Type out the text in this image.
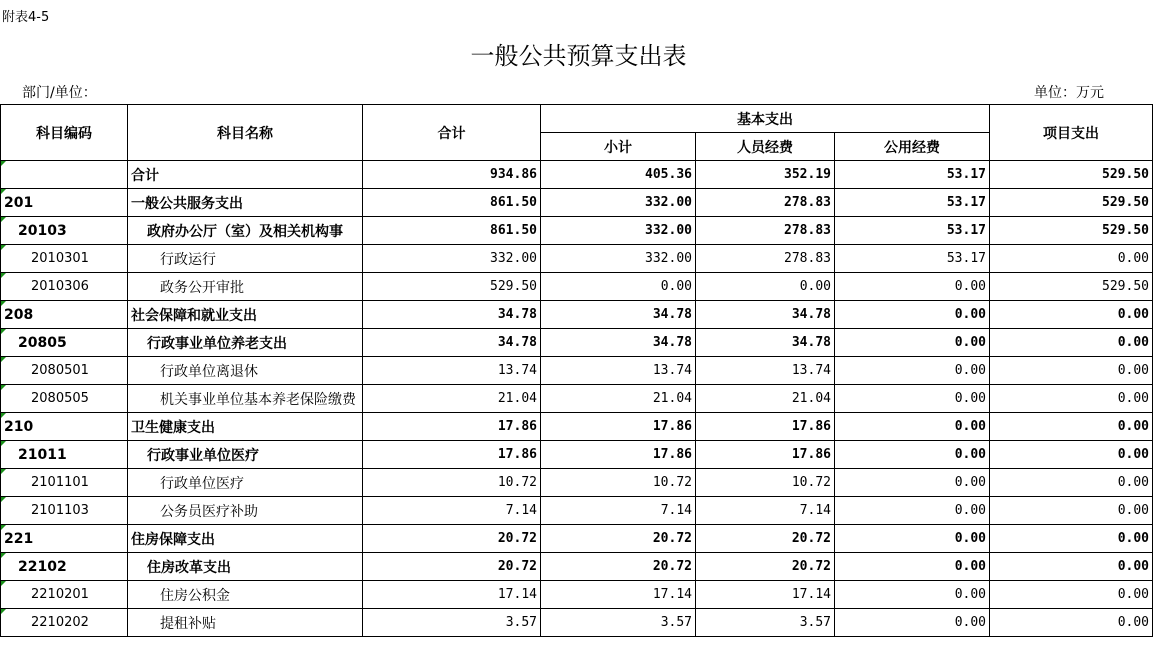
附表4-5
一般公共预算支出表
部门/单位：	单位：万元
科目编码	科目名称	合计	基本支出			项目支出
			小计	人员经费	公用经费	

	合计	934.86	405.36	352.19	53.17	529.50
201	一般公共服务支出	861.50	332.00	278.83	53.17	529.50
20103	政府办公厅（室）及相关机构事	861.50	332.00	278.83	53.17	529.50
2010301	行政运行	332.00	332.00	278.83	53.17	0.00
2010306	政务公开审批	529.50	0.00	0.00	0.00	529.50
208	社会保障和就业支出	34.78	34.78	34.78	0.00	0.00
20805	行政事业单位养老支出	34.78	34.78	34.78	0.00	0.00
2080501	行政单位离退休	13.74	13.74	13.74	0.00	0.00
2080505	机关事业单位基本养老保险缴费	21.04	21.04	21.04	0.00	0.00
210	卫生健康支出	17.86	17.86	17.86	0.00	0.00
21011	行政事业单位医疗	17.86	17.86	17.86	0.00	0.00
2101101	行政单位医疗	10.72	10.72	10.72	0.00	0.00
2101103	公务员医疗补助	7.14	7.14	7.14	0.00	0.00
221	住房保障支出	20.72	20.72	20.72	0.00	0.00
22102	住房改革支出	20.72	20.72	20.72	0.00	0.00
2210201	住房公积金	17.14	17.14	17.14	0.00	0.00
2210202	提租补贴	3.57	3.57	3.57	0.00	0.00
